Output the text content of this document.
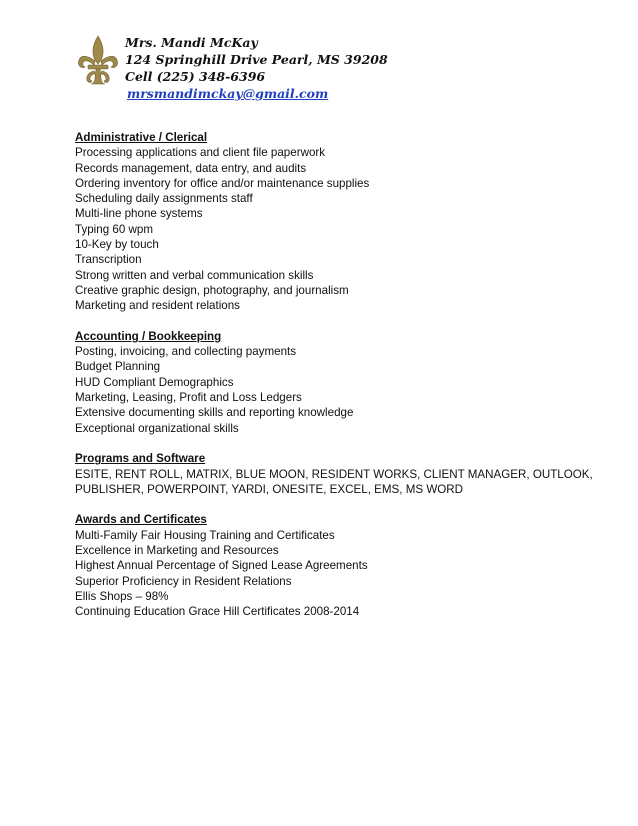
Mrs. Mandi McKay
124 Springhill Drive Pearl, MS 39208
Cell (225) 348-6396
mrsmandimckay@gmail.com
Administrative / Clerical
Processing applications and client file paperwork
Records management, data entry, and audits
Ordering inventory for office and/or maintenance supplies
Scheduling daily assignments staff
Multi-line phone systems
Typing 60 wpm
10-Key by touch
Transcription
Strong written and verbal communication skills
Creative graphic design, photography, and journalism
Marketing and resident relations
Accounting / Bookkeeping
Posting, invoicing, and collecting payments
Budget Planning
HUD Compliant Demographics
Marketing, Leasing, Profit and Loss Ledgers
Extensive documenting skills and reporting knowledge
Exceptional organizational skills
Programs and Software
ESITE, RENT ROLL, MATRIX, BLUE MOON, RESIDENT WORKS, CLIENT MANAGER, OUTLOOK,
PUBLISHER, POWERPOINT, YARDI, ONESITE, EXCEL, EMS, MS WORD
Awards and Certificates
Multi-Family Fair Housing Training and Certificates
Excellence in Marketing and Resources
Highest Annual Percentage of Signed Lease Agreements
Superior Proficiency in Resident Relations
Ellis Shops – 98%
Continuing Education Grace Hill Certificates 2008-2014
